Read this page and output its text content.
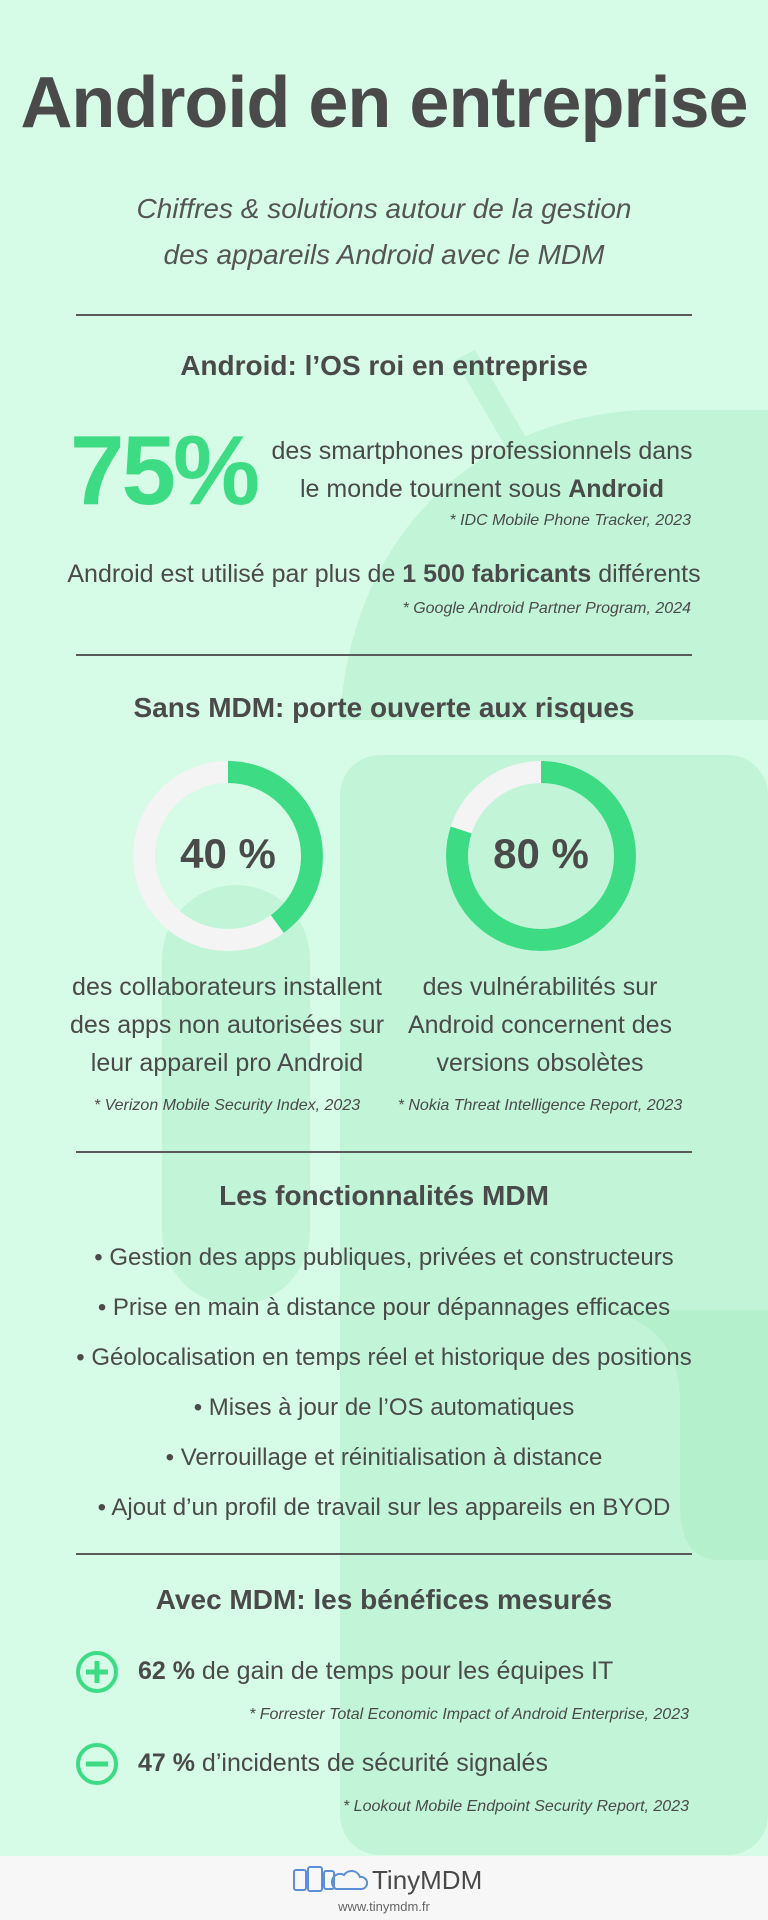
Android en entreprise
Chiffres & solutions autour de la gestion
des appareils Android avec le MDM
Android: l’OS roi en entreprise
75% des smartphones professionnels dans
le monde tournent sous Android
* IDC Mobile Phone Tracker, 2023
Android est utilisé par plus de 1 500 fabricants différents
* Google Android Partner Program, 2024
Sans MDM: porte ouverte aux risques
40 %	80 %
des collaborateurs installent
des apps non autorisées sur
leur appareil pro Android
* Verizon Mobile Security Index, 2023
des vulnérabilités sur
Android concernent des
versions obsolètes
* Nokia Threat Intelligence Report, 2023
Les fonctionnalités MDM
• Gestion des apps publiques, privées et constructeurs
• Prise en main à distance pour dépannages efficaces
• Géolocalisation en temps réel et historique des positions
• Mises à jour de l’OS automatiques
• Verrouillage et réinitialisation à distance
• Ajout d’un profil de travail sur les appareils en BYOD
Avec MDM: les bénéfices mesurés
62 % de gain de temps pour les équipes IT
* Forrester Total Economic Impact of Android Enterprise, 2023
47 % d’incidents de sécurité signalés
* Lookout Mobile Endpoint Security Report, 2023
TinyMDM
www.tinymdm.fr
